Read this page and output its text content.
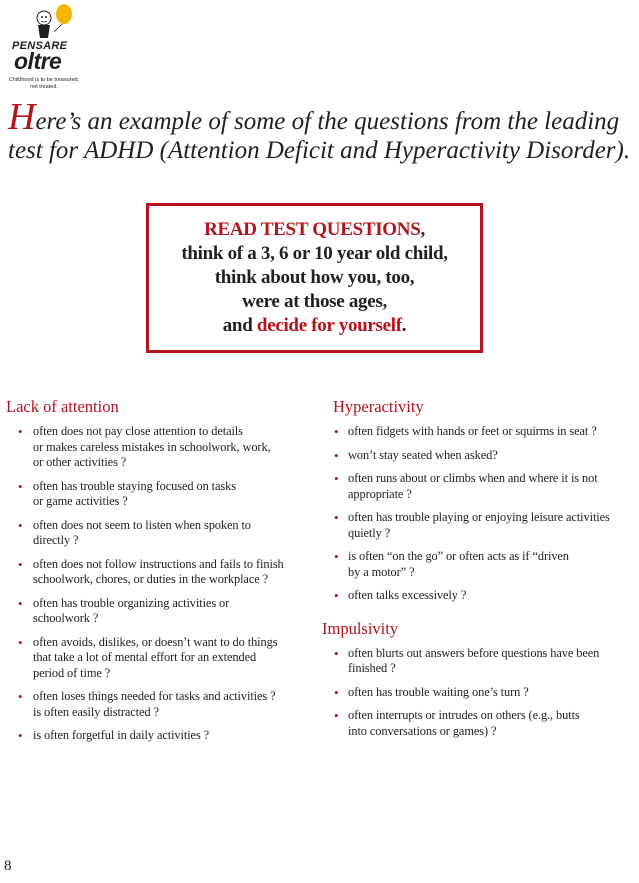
PENSARE
oltre
Childhood is to be treasured,
not treated.
Here’s an example of some of the questions from the leading
test for ADHD (Attention Deficit and Hyperactivity Disorder).
READ TEST QUESTIONS,
think of a 3, 6 or 10 year old child,
think about how you, too,
were at those ages,
and decide for yourself.
Lack of attention
• often does not pay close attention to details
or makes careless mistakes in schoolwork, work,
or other activities ?
• often has trouble staying focused on tasks
or game activities ?
• often does not seem to listen when spoken to
directly ?
• often does not follow instructions and fails to finish
schoolwork, chores, or duties in the workplace ?
• often has trouble organizing activities or
schoolwork ?
• often avoids, dislikes, or doesn’t want to do things
that take a lot of mental effort for an extended
period of time ?
• often loses things needed for tasks and activities ?
is often easily distracted ?
• is often forgetful in daily activities ?
Hyperactivity
• often fidgets with hands or feet or squirms in seat ?
• won’t stay seated when asked?
• often runs about or climbs when and where it is not
appropriate ?
• often has trouble playing or enjoying leisure activities
quietly ?
• is often “on the go” or often acts as if “driven
by a motor” ?
• often talks excessively ?
Impulsivity
• often blurts out answers before questions have been
finished ?
• often has trouble waiting one’s turn ?
• often interrupts or intrudes on others (e.g., butts
into conversations or games) ?
8
